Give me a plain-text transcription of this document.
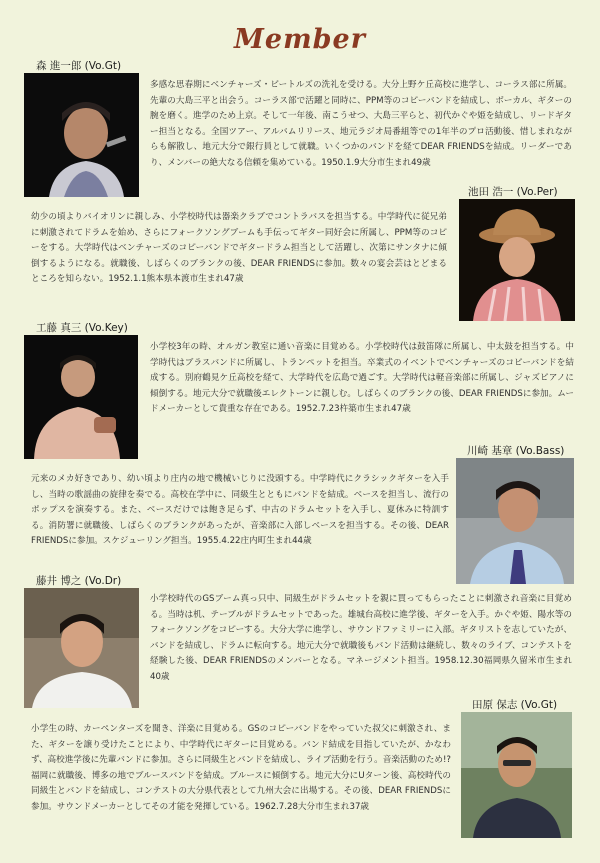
Member
森 進一郎 (Vo.Gt)

多感な思春期にベンチャーズ・ビートルズの洗礼を受ける。大分上野ケ丘高校に進学し、コーラス部に所属。先輩の大島三平と出会う。コーラス部で活躍と同時に、PPM等のコピーバンドを結成し、ボーカル、ギターの腕を磨く。進学のため上京。そして一年後、南こうせつ、大島三平らと、初代かぐや姫を結成し、リードギター担当となる。全国ツアー、アルバムリリース、地元ラジオ局番組等での1年半のプロ活動後、惜しまれながらも解散し、地元大分で銀行員として就職。いくつかのバンドを経てDEAR FRIENDSを結成。リーダーであり、メンバーの絶大なる信頼を集めている。1950.1.9大分市生まれ49歳

池田 浩一 (Vo.Per)

幼少の頃よりバイオリンに親しみ、小学校時代は器楽クラブでコントラバスを担当する。中学時代に従兄弟に刺激されてドラムを始め、さらにフォークソングブームも手伝ってギター同好会に所属し、PPM等のコピーをする。大学時代はベンチャーズのコピーバンドでギタードラム担当として活躍し、次第にサンタナに傾倒するようになる。就職後、しばらくのブランクの後、DEAR FRIENDSに参加。数々の宴会芸はとどまるところを知らない。1952.1.1熊本県本渡市生まれ47歳

工藤 真三 (Vo.Key)

小学校3年の時、オルガン教室に通い音楽に目覚める。小学校時代は鼓笛隊に所属し、中太鼓を担当する。中学時代はブラスバンドに所属し、トランペットを担当。卒業式のイベントでベンチャーズのコピーバンドを結成する。別府鶴見ケ丘高校を経て、大学時代を広島で過ごす。大学時代は軽音楽部に所属し、ジャズピアノに傾倒する。地元大分で就職後エレクトーンに親しむ。しばらくのブランクの後、DEAR FRIENDSに参加。ムードメーカーとして貴重な存在である。1952.7.23杵築市生まれ47歳

川崎 基章 (Vo.Bass)

元来のメカ好きであり、幼い頃より庄内の地で機械いじりに没頭する。中学時代にクラシックギターを入手し、当時の歌謡曲の旋律を奏でる。高校在学中に、同級生とともにバンドを結成。ベースを担当し、流行のポップスを演奏する。また、ベースだけでは飽き足らず、中古のドラムセットを入手し、夏休みに特訓する。消防署に就職後、しばらくのブランクがあったが、音楽部に入部しベースを担当する。その後、DEAR FRIENDSに参加。スケジューリング担当。1955.4.22庄内町生まれ44歳

藤井 博之 (Vo.Dr)

小学校時代のGSブーム真っ只中、同級生がドラムセットを親に買ってもらったことに刺激され音楽に目覚める。当時は机、テーブルがドラムセットであった。雄城台高校に進学後、ギターを入手。かぐや姫、陽水等のフォークソングをコピーする。大分大学に進学し、サウンドファミリーに入部。ギタリストを志していたが、バンドを結成し、ドラムに転向する。地元大分で就職後もバンド活動は継続し、数々のライブ、コンテストを経験した後、DEAR FRIENDSのメンバーとなる。マネージメント担当。1958.12.30福岡県久留米市生まれ40歳

田原 保志 (Vo.Gt)

小学生の時、カーペンターズを聞き、洋楽に目覚める。GSのコピーバンドをやっていた叔父に刺激され、また、ギターを譲り受けたことにより、中学時代にギターに目覚める。バンド結成を目指していたが、かなわず、高校進学後に先輩バンドに参加。さらに同級生とバンドを結成し、ライブ活動を行う。音楽活動のため!?福岡に就職後、博多の地でブルースバンドを結成。ブルースに傾倒する。地元大分にUターン後、高校時代の同級生とバンドを結成し、コンテストの大分県代表として九州大会に出場する。その後、DEAR FRIENDSに参加。サウンドメーカーとしてその才能を発揮している。1962.7.28大分市生まれ37歳
